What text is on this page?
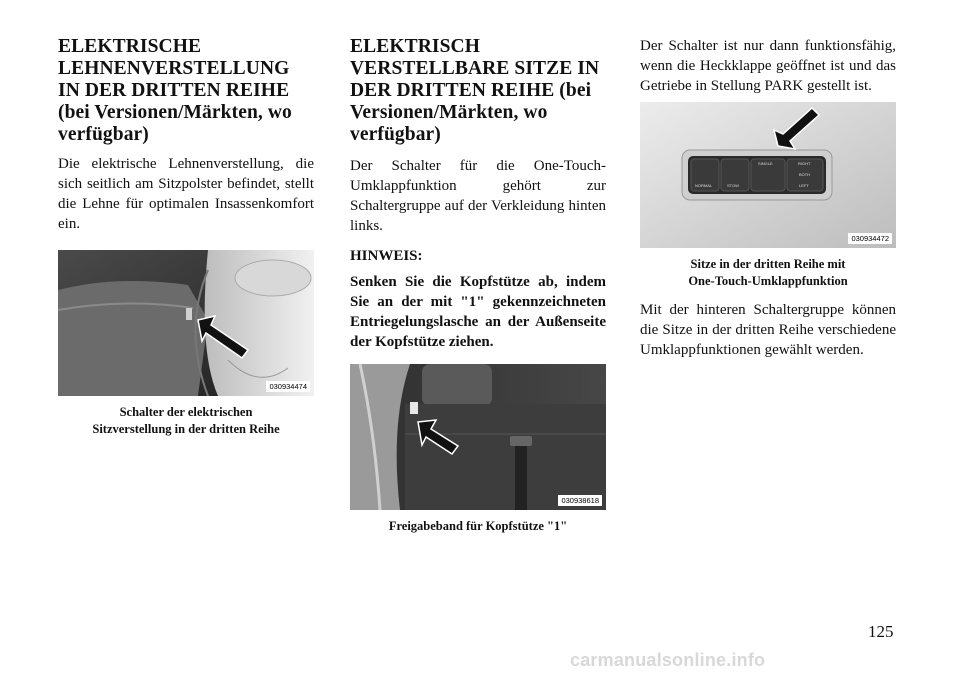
ELEKTRISCHE LEHNENVERSTELLUNG IN DER DRITTEN REIHE (bei Versionen/Märkten, wo verfügbar)

Die elektrische Lehnenverstellung, die sich seitlich am Sitzpolster befindet, stellt die Lehne für optimalen Insassenkomfort ein.

030934474
Schalter der elektrischen
Sitzverstellung in der dritten Reihe
ELEKTRISCH VERSTELLBARE SITZE IN DER DRITTEN REIHE (bei Versionen/Märkten, wo verfügbar)

Der Schalter für die One-Touch-Umklappfunktion gehört zur Schaltergruppe auf der Verkleidung hinten links.

HINWEIS:

Senken Sie die Kopfstütze ab, indem Sie an der mit "1" gekennzeichneten Entriegelungslasche an der Außenseite der Kopfstütze ziehen.

030938618
Freigabeband für Kopfstütze "1"

Der Schalter ist nur dann funktionsfähig, wenn die Heckklappe geöffnet ist und das Getriebe in Stellung PARK gestellt ist.

NORMAL	STOW
SINGLE	RIGHT
BOTH
LEFT
030934472
Sitze in der dritten Reihe mit
One-Touch-Umklappfunktion

Mit der hinteren Schaltergruppe können die Sitze in der dritten Reihe verschiedene Umklappfunktionen gewählt werden.

125
carmanualsonline.info
